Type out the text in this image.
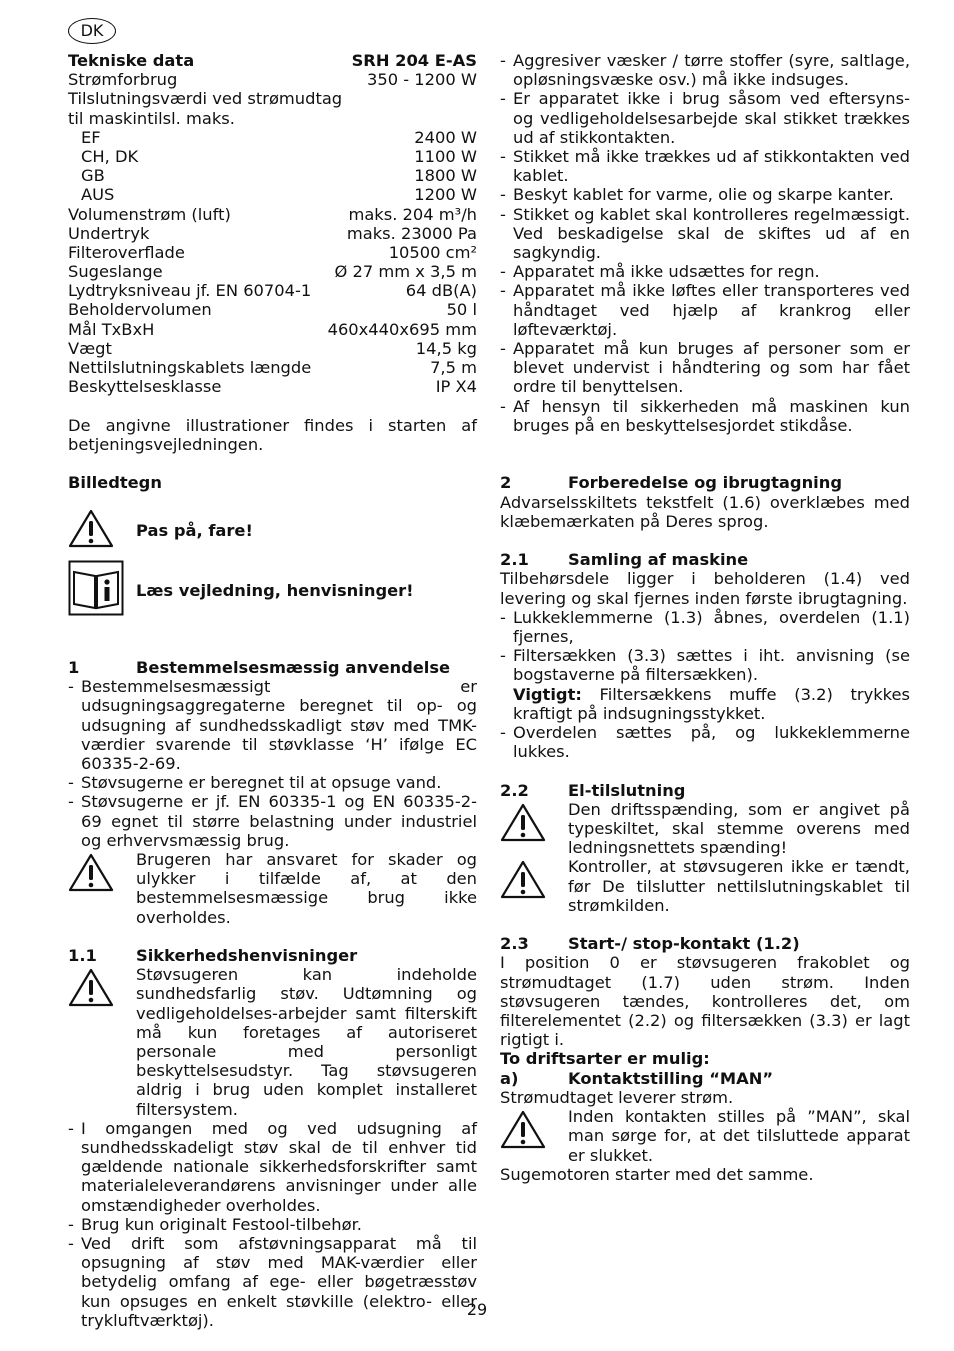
DK
Tekniske data	SRH 204 E-AS
Strømforbrug	350 - 1200 W
Tilslutningsværdi ved strømudtag
til maskintilsl. maks.
EF	2400 W
CH, DK	1100 W
GB	1800 W
AUS	1200 W
Volumenstrøm (luft)	maks. 204 m³/h
Undertryk	maks. 23000 Pa
Filteroverflade	10500 cm²
Sugeslange	Ø 27 mm x 3,5 m
Lydtryksniveau jf. EN 60704-1	64 dB(A)
Beholdervolumen	50 l
Mål TxBxH	460x440x695 mm
Vægt	14,5 kg
Nettilslutningskablets længde	7,5 m
Beskyttelsesklasse	IP X4
De angivne illustrationer findes i starten af betjeningsvejledningen.
Billedtegn
Pas på, fare!
Læs vejledning, henvisninger!
1	Bestemmelsesmæssig anvendelse
- Bestemmelsesmæssigt er udsugningsaggregaterne beregnet til op- og udsugning af sundhedsskadligt støv med TMK-værdier svarende til støvklasse ‘H’ ifølge EC 60335-2-69.
- Støvsugerne er beregnet til at opsuge vand.
- Støvsugerne er jf. EN 60335-1 og EN 60335-2-69 egnet til større belastning under industriel og erhvervsmæssig brug.
Brugeren har ansvaret for skader og ulykker i tilfælde af, at den bestemmelsesmæssige brug ikke overholdes.
1.1	Sikkerhedshenvisninger
Støvsugeren kan indeholde sundhedsfarlig støv. Udtømning og vedligeholdelses-arbejder samt filterskift må kun foretages af autoriseret personale med personligt beskyttelsesudstyr. Tag støvsugeren aldrig i brug uden komplet installeret filtersystem.
- I omgangen med og ved udsugning af sundhedsskadeligt støv skal de til enhver tid gældende nationale sikkerhedsforskrifter samt materialeleverandørens anvisninger under alle omstændigheder overholdes.
- Brug kun originalt Festool-tilbehør.
- Ved drift som afstøvningsapparat må til opsugning af støv med MAK-værdier eller betydelig omfang af ege- eller bøgetræsstøv kun opsuges en enkelt støvkille (elektro- eller trykluftværktøj).
- Aggresiver væsker / tørre stoffer (syre, saltlage, opløsningsvæske osv.) må ikke indsuges.
- Er apparatet ikke i brug såsom ved eftersyns- og vedligeholdelsesarbejde skal stikket trækkes ud af stikkontakten.
- Stikket må ikke trækkes ud af stikkontakten ved kablet.
- Beskyt kablet for varme, olie og skarpe kanter.
- Stikket og kablet skal kontrolleres regelmæssigt. Ved beskadigelse skal de skiftes ud af en sagkyndig.
- Apparatet må ikke udsættes for regn.
- Apparatet må ikke løftes eller transporteres ved håndtaget ved hjælp af krankrog eller løfteværktøj.
- Apparatet må kun bruges af personer som er blevet undervist i håndtering og som har fået ordre til benyttelsen.
- Af hensyn til sikkerheden må maskinen kun bruges på en beskyttelsesjordet stikdåse.
2	Forberedelse og ibrugtagning
Advarselsskiltets tekstfelt (1.6) overklæbes med klæbemærkaten på Deres sprog.
2.1	Samling af maskine
Tilbehørsdele ligger i beholderen (1.4) ved levering og skal fjernes inden første ibrugtagning.
- Lukkeklemmerne (1.3) åbnes, overdelen (1.1) fjernes,
- Filtersækken (3.3) sættes i iht. anvisning (se bogstaverne på filtersækken).
Vigtigt: Filtersækkens muffe (3.2) trykkes kraftigt på indsugningsstykket.
- Overdelen sættes på, og lukkeklemmerne lukkes.
2.2	El-tilslutning
Den driftsspænding, som er angivet på typeskiltet, skal stemme overens med ledningsnettets spænding!
Kontroller, at støvsugeren ikke er tændt, før De tilslutter nettilslutningskablet til strømkilden.
2.3	Start-/ stop-kontakt (1.2)
I position 0 er støvsugeren frakoblet og strømudtaget (1.7) uden strøm. Inden støvsugeren tændes, kontrolleres det, om filterelementet (2.2) og filtersækken (3.3) er lagt rigtigt i.
To driftsarter er mulig:
a)	Kontaktstilling “MAN”
Strømudtaget leverer strøm.
Inden kontakten stilles på ”MAN”, skal man sørge for, at det tilsluttede apparat er slukket.
Sugemotoren starter med det samme.
29
